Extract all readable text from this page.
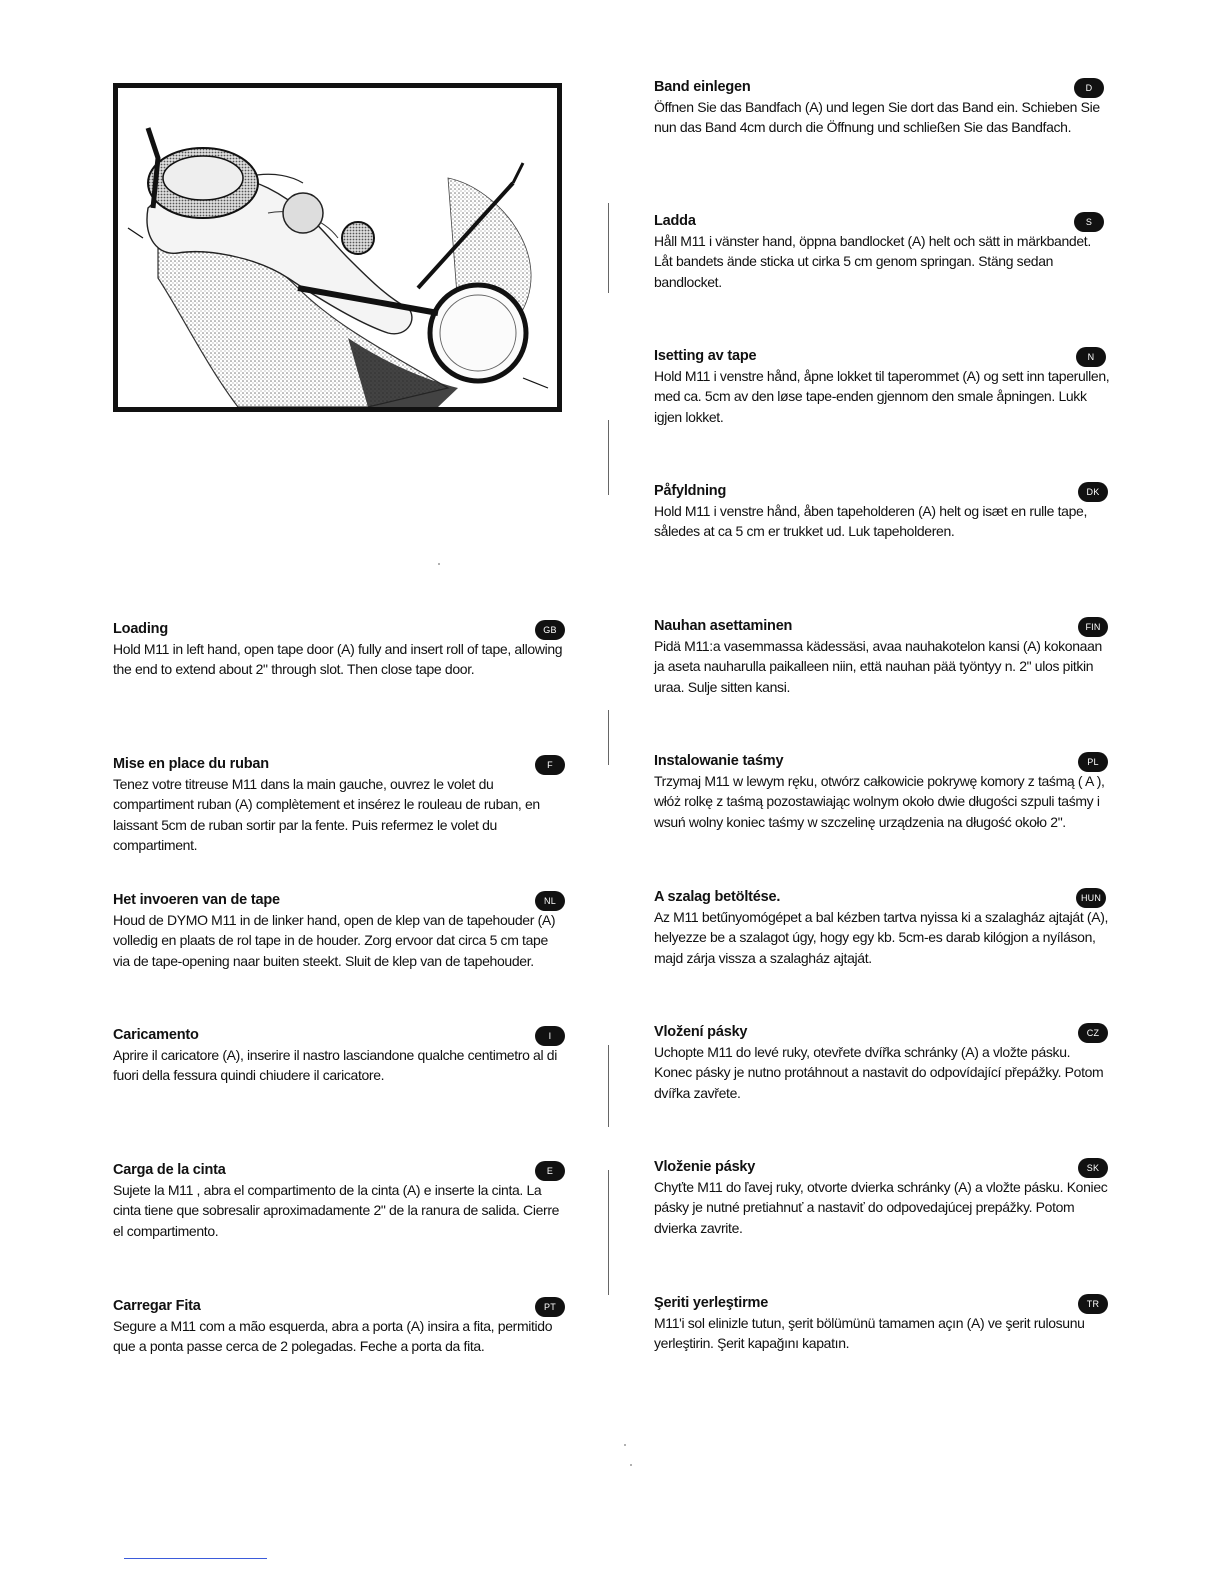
Band einlegen	D

Öffnen Sie das Bandfach (A) und legen Sie dort das Band ein. Schieben Sie nun das Band 4cm durch die Öffnung und schließen Sie das Bandfach.

Ladda	S

Håll M11 i vänster hand, öppna bandlocket (A) helt och sätt in märkbandet. Låt bandets ände sticka ut cirka 5 cm genom springan. Stäng sedan bandlocket.

Isetting av tape	N

Hold M11 i venstre hånd, åpne lokket til taperommet (A) og sett inn taperullen, med ca. 5cm av den løse tape-enden gjennom den smale åpningen. Lukk igjen lokket.

Påfyldning	DK

Hold M11 i venstre hånd, åben tapeholderen (A) helt og isæt en rulle tape, således at ca 5 cm er trukket ud. Luk tapeholderen.

Nauhan asettaminen	FIN

Pidä M11:a vasemmassa kädessäsi, avaa nauhakotelon kansi (A) kokonaan ja aseta nauharulla paikalleen niin, että nauhan pää työntyy n. 2" ulos pitkin uraa. Sulje sitten kansi.

Instalowanie taśmy	PL

Trzymaj M11 w lewym ręku, otwórz całkowicie pokrywę komory z taśmą ( A ), włóż rolkę z taśmą pozostawiając wolnym około dwie długości szpuli taśmy i wsuń wolny koniec taśmy w szczelinę urządzenia na długość około 2".

A szalag betöltése.	HUN

Az M11 betűnyomógépet a bal kézben tartva nyissa ki a szalagház ajtaját (A), helyezze be a szalagot úgy, hogy egy kb. 5cm-es darab kilógjon a nyíláson, majd zárja vissza a szalagház ajtaját.

Vložení pásky	CZ

Uchopte M11 do levé ruky, otevřete dvířka schránky (A) a vložte pásku. Konec pásky je nutno protáhnout a nastavit do odpovídající přepážky. Potom dvířka zavřete.

Vloženie pásky	SK

Chyťte M11 do ľavej ruky, otvorte dvierka schránky (A) a vložte pásku. Koniec pásky je nutné pretiahnuť a nastaviť do odpovedajúcej prepážky. Potom dvierka zavrite.

Şeriti yerleştirme	TR

M11'i sol elinizle tutun, şerit bölümünü tamamen açın (A) ve şerit rulosunu yerleştirin. Şerit kapağını kapatın.

Loading	GB

Hold M11 in left hand, open tape door (A) fully and insert roll of tape, allowing the end to extend about 2" through slot. Then close tape door.

Mise en place du ruban	F

Tenez votre titreuse M11 dans la main gauche, ouvrez le volet du compartiment ruban (A) complètement et insérez le rouleau de ruban, en laissant 5cm de ruban sortir par la fente. Puis refermez le volet du compartiment.

Het invoeren van de tape	NL

Houd de DYMO M11 in de linker hand, open de klep van de tapehouder (A) volledig en plaats de rol tape in de houder. Zorg ervoor dat circa 5 cm tape via de tape-opening naar buiten steekt. Sluit de klep van de tapehouder.

Caricamento	I

Aprire il caricatore (A), inserire il nastro lasciandone qualche centimetro al di fuori della fessura quindi chiudere il caricatore.

Carga de la cinta	E

Sujete la M11 , abra el compartimento de la cinta (A) e inserte la cinta. La cinta tiene que sobresalir aproximadamente 2" de la ranura de salida. Cierre el compartimento.

Carregar Fita	PT

Segure a M11 com a mão esquerda, abra a porta (A) insira a fita, permitido que a ponta passe cerca de 2 polegadas. Feche a porta da fita.
